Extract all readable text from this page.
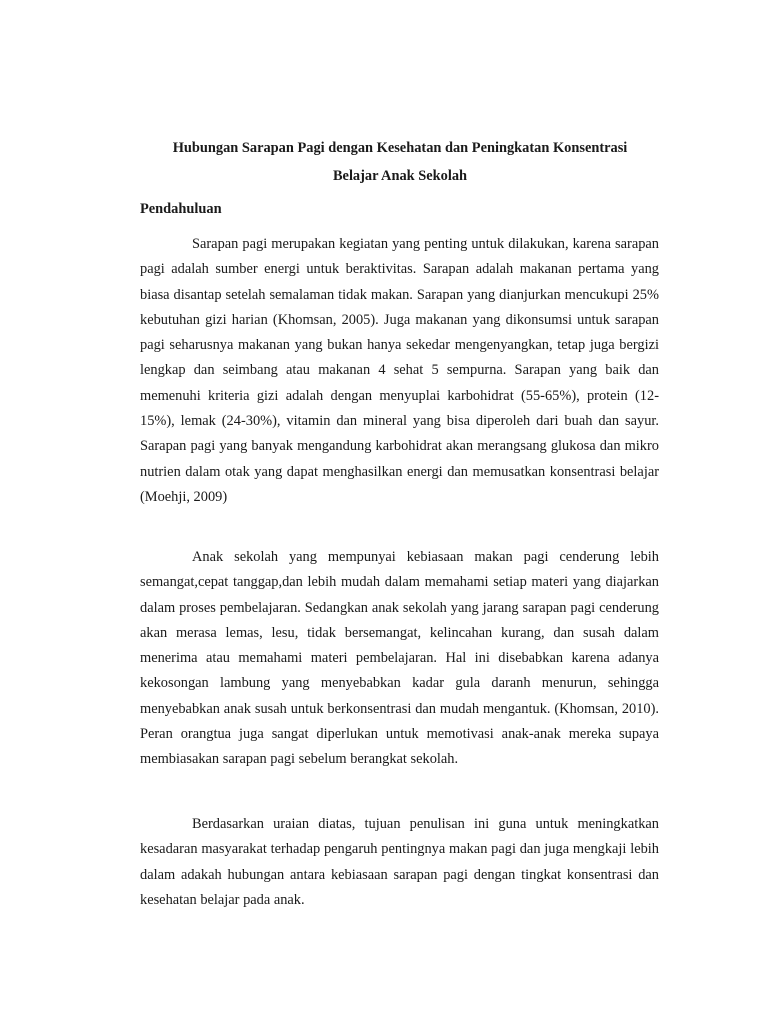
Hubungan Sarapan Pagi dengan Kesehatan dan Peningkatan Konsentrasi
Belajar Anak Sekolah
Pendahuluan

Sarapan pagi merupakan kegiatan yang penting untuk dilakukan, karena sarapan pagi adalah sumber energi untuk beraktivitas. Sarapan adalah makanan pertama yang biasa disantap setelah semalaman tidak makan. Sarapan yang dianjurkan mencukupi 25% kebutuhan gizi harian (Khomsan, 2005). Juga makanan yang dikonsumsi untuk sarapan pagi seharusnya makanan yang bukan hanya sekedar mengenyangkan, tetap juga bergizi lengkap dan seimbang atau makanan 4 sehat 5 sempurna. Sarapan yang baik dan memenuhi kriteria gizi adalah dengan menyuplai karbohidrat (55-65%), protein (12-15%), lemak (24-30%), vitamin dan mineral yang bisa diperoleh dari buah dan sayur. Sarapan pagi yang banyak mengandung karbohidrat akan merangsang glukosa dan mikro nutrien dalam otak yang dapat menghasilkan energi dan memusatkan konsentrasi belajar (Moehji, 2009)

Anak sekolah yang mempunyai kebiasaan makan pagi cenderung lebih semangat,cepat tanggap,dan lebih mudah dalam memahami setiap materi yang diajarkan dalam proses pembelajaran. Sedangkan anak sekolah yang jarang sarapan pagi cenderung akan merasa lemas, lesu, tidak bersemangat, kelincahan kurang, dan susah dalam menerima atau memahami materi pembelajaran. Hal ini disebabkan karena adanya kekosongan lambung yang menyebabkan kadar gula daranh menurun, sehingga menyebabkan anak susah untuk berkonsentrasi dan mudah mengantuk. (Khomsan, 2010). Peran orangtua juga sangat diperlukan untuk memotivasi anak-anak mereka supaya membiasakan sarapan pagi sebelum berangkat sekolah.

Berdasarkan uraian diatas, tujuan penulisan ini guna untuk meningkatkan kesadaran masyarakat terhadap pengaruh pentingnya makan pagi dan juga mengkaji lebih dalam adakah hubungan antara kebiasaan sarapan pagi dengan tingkat konsentrasi dan kesehatan belajar pada anak.
